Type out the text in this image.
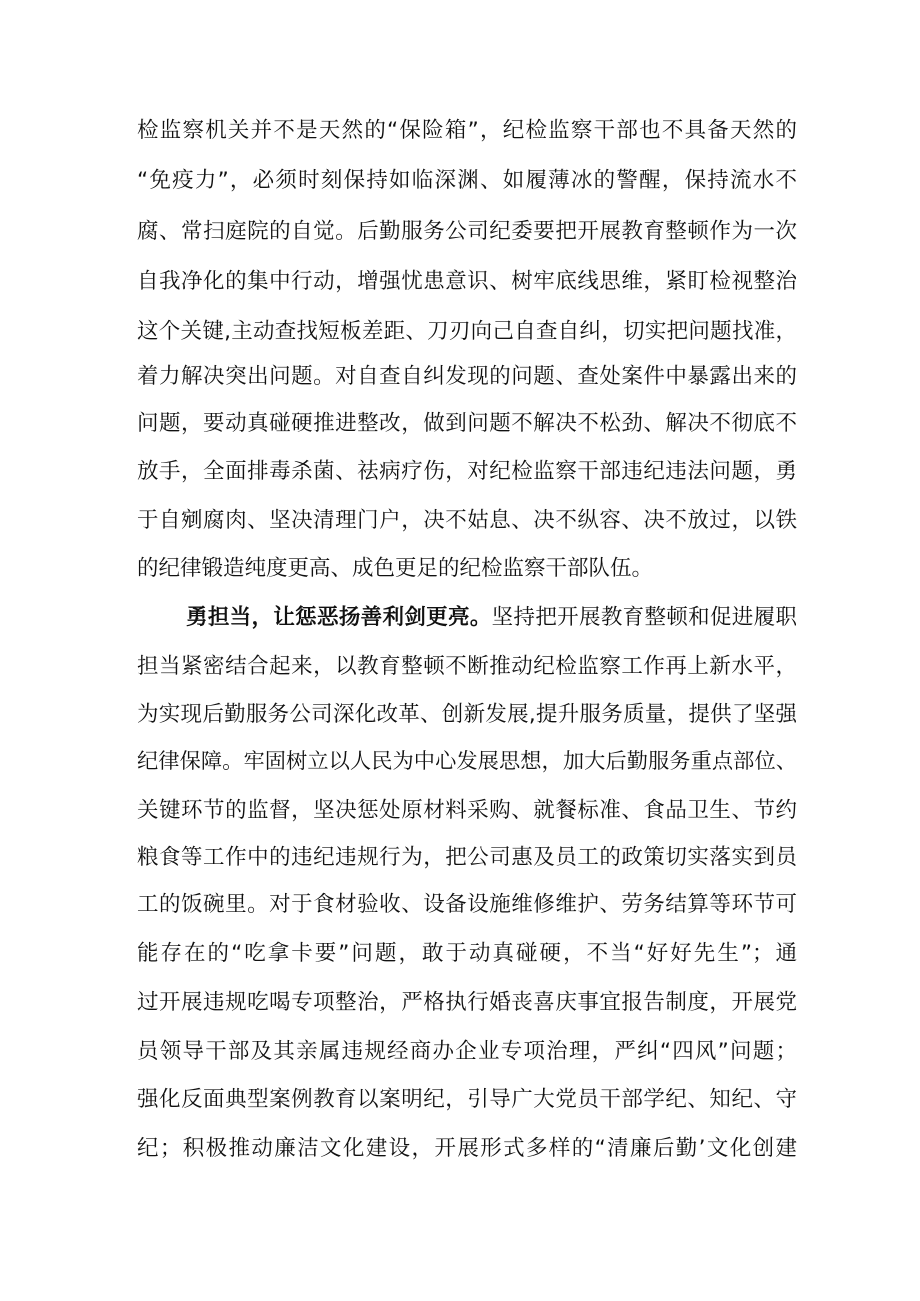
检监察机关并不是天然的“保险箱”，纪检监察干部也不具备天然的
“免疫力”，必须时刻保持如临深渊、如履薄冰的警醒，保持流水不
腐、常扫庭院的自觉。后勤服务公司纪委要把开展教育整顿作为一次
自我净化的集中行动，增强忧患意识、树牢底线思维，紧盯检视整治
这个关键,主动查找短板差距、刀刃向己自查自纠，切实把问题找准，
着力解决突出问题。对自查自纠发现的问题、查处案件中暴露出来的
问题，要动真碰硬推进整改，做到问题不解决不松劲、解决不彻底不
放手，全面排毒杀菌、祛病疗伤，对纪检监察干部违纪违法问题，勇
于自剜腐肉、坚决清理门户，决不姑息、决不纵容、决不放过，以铁
的纪律锻造纯度更高、成色更足的纪检监察干部队伍。
勇担当，让惩恶扬善利剑更亮。坚持把开展教育整顿和促进履职
担当紧密结合起来，以教育整顿不断推动纪检监察工作再上新水平，
为实现后勤服务公司深化改革、创新发展,提升服务质量，提供了坚强
纪律保障。牢固树立以人民为中心发展思想，加大后勤服务重点部位、
关键环节的监督，坚决惩处原材料采购、就餐标准、食品卫生、节约
粮食等工作中的违纪违规行为，把公司惠及员工的政策切实落实到员
工的饭碗里。对于食材验收、设备设施维修维护、劳务结算等环节可
能存在的“吃拿卡要”问题，敢于动真碰硬，不当“好好先生”；通
过开展违规吃喝专项整治，严格执行婚丧喜庆事宜报告制度，开展党
员领导干部及其亲属违规经商办企业专项治理，严纠“四风”问题；
强化反面典型案例教育以案明纪，引导广大党员干部学纪、知纪、守
纪；积极推动廉洁文化建设，开展形式多样的“清廉后勤’文化创建
